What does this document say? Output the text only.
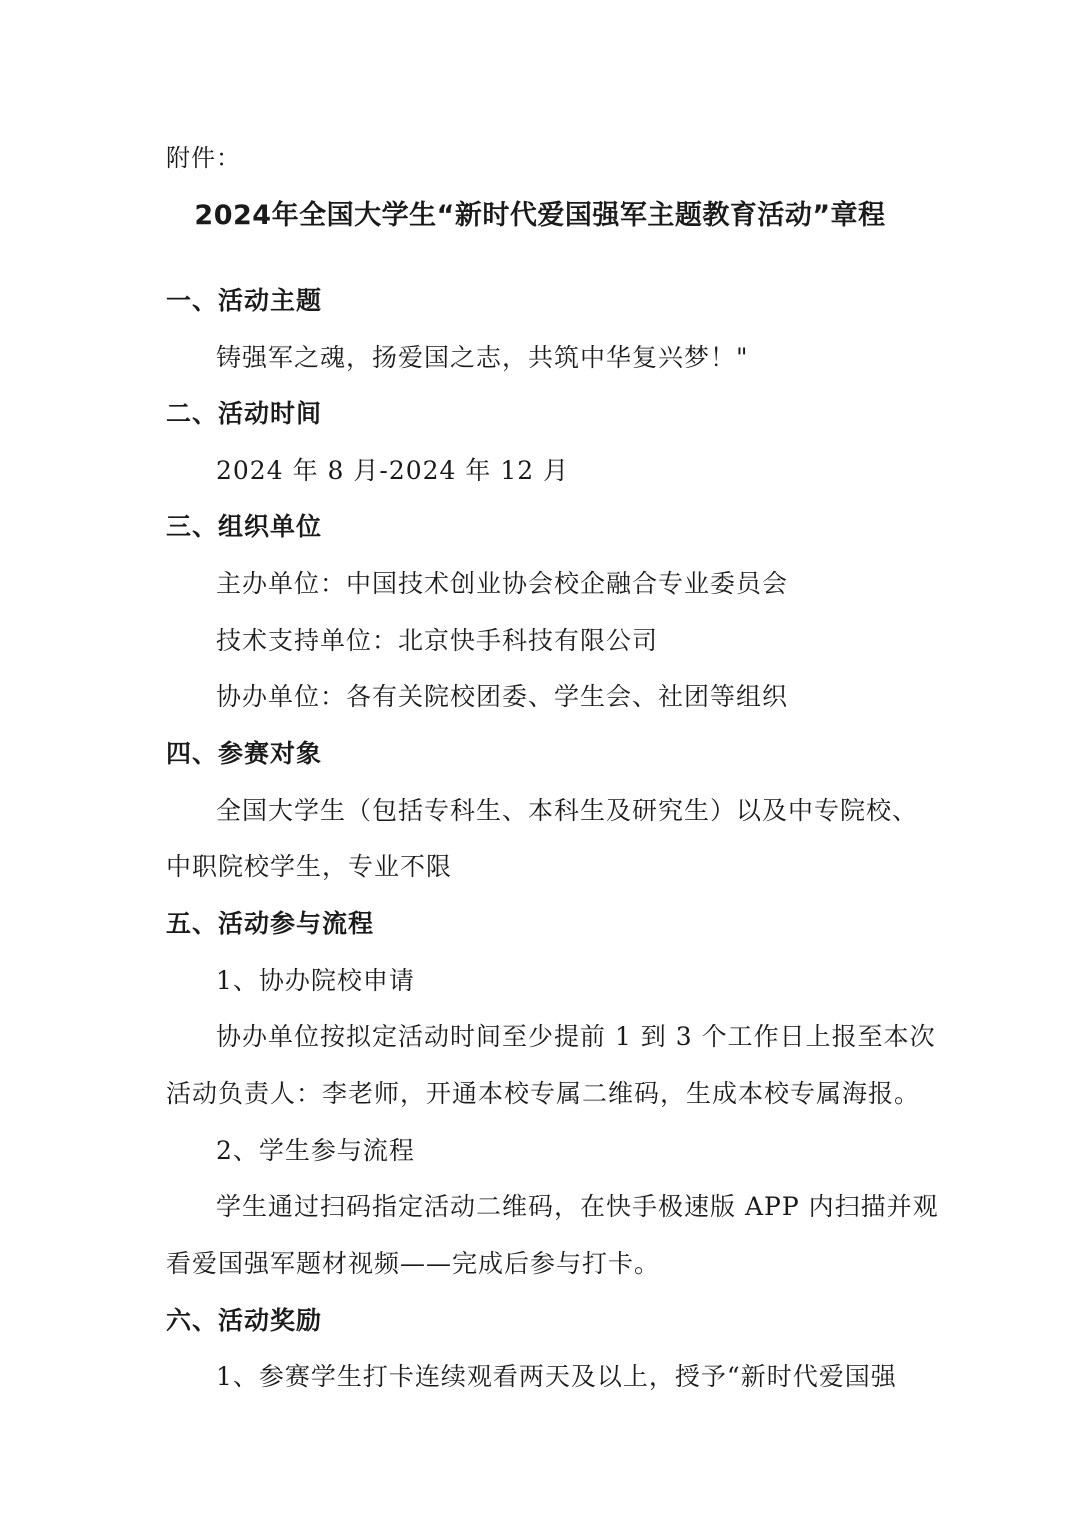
附件：
2024年全国大学生“新时代爱国强军主题教育活动”章程
一、活动主题
铸强军之魂，扬爱国之志，共筑中华复兴梦！"
二、活动时间
2024 年 8 月-2024 年 12 月
三、组织单位
主办单位：中国技术创业协会校企融合专业委员会
技术支持单位：北京快手科技有限公司
协办单位：各有关院校团委、学生会、社团等组织
四、参赛对象
全国大学生（包括专科生、本科生及研究生）以及中专院校、
中职院校学生，专业不限
五、活动参与流程
1、协办院校申请
协办单位按拟定活动时间至少提前 1 到 3 个工作日上报至本次
活动负责人：李老师，开通本校专属二维码，生成本校专属海报。
2、学生参与流程
学生通过扫码指定活动二维码，在快手极速版 APP 内扫描并观
看爱国强军题材视频——完成后参与打卡。
六、活动奖励
1、参赛学生打卡连续观看两天及以上，授予“新时代爱国强
